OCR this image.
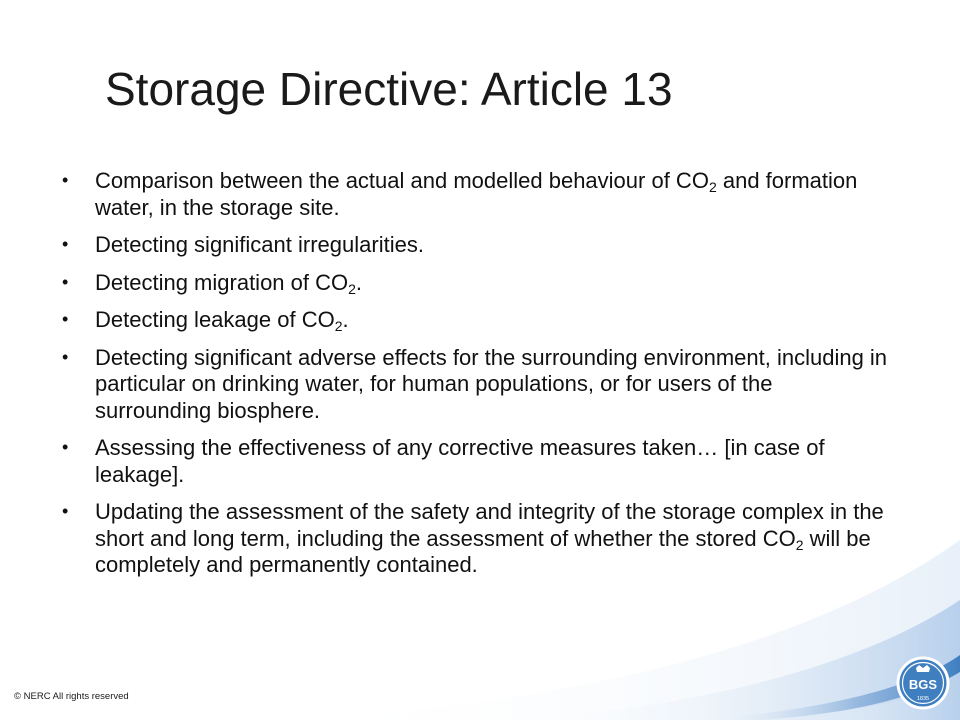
Storage Directive: Article 13
• Comparison between the actual and modelled behaviour of $CO_2$ and formation water, in the storage site.
• Detecting significant irregularities.
• Detecting migration of $CO_2$.
• Detecting leakage of $CO_2$.
• Detecting significant adverse effects for the surrounding environment, including in particular on drinking water, for human populations, or for users of the surrounding biosphere.
• Assessing the effectiveness of any corrective measures taken… [in case of leakage].
• Updating the assessment of the safety and integrity of the storage complex in the short and long term, including the assessment of whether the stored $CO_2$ will be completely and permanently contained.
© NERC All rights reserved
BGS
1835
